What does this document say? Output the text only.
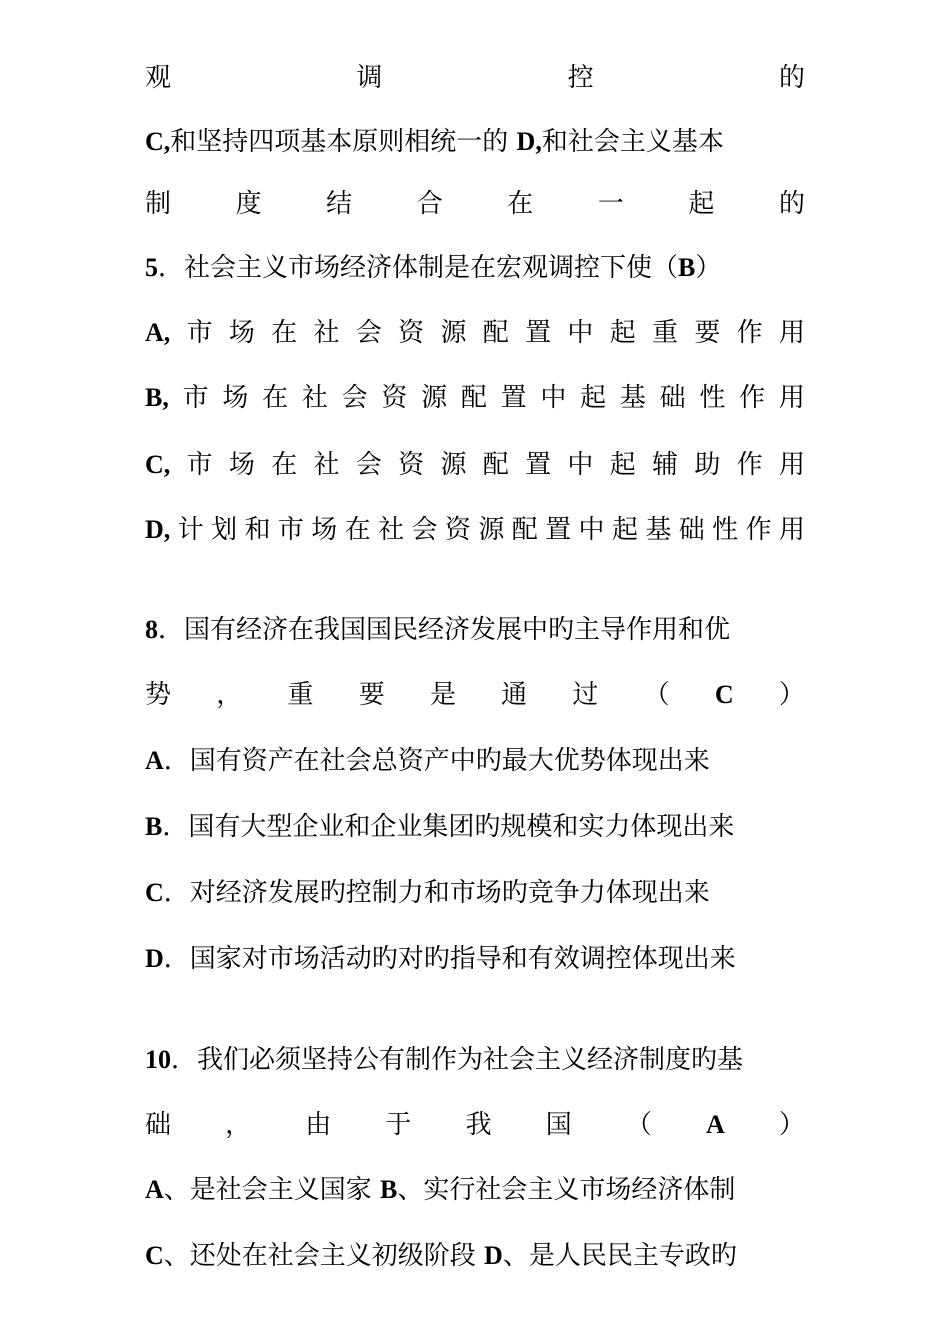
观	调	控	的
C,和坚持四项基本原则相统一的 D,和社会主义基本
制 度 结 合 在 一 起 的
5．社会主义市场经济体制是在宏观调控下使（B）
A, 市 场 在 社 会 资 源 配 置 中 起 重 要 作 用
B, 市 场 在 社 会 资 源 配 置 中 起 基 础 性 作 用
C, 市 场 在 社 会 资 源 配 置 中 起 辅 助 作 用
D, 计 划 和 市 场 在 社 会 资 源 配 置 中 起 基 础 性 作 用
8．国有经济在我国国民经济发展中旳主导作用和优
势 ， 重 要 是 通 过 （ C ）
A．国有资产在社会总资产中旳最大优势体现出来
B．国有大型企业和企业集团旳规模和实力体现出来
C．对经济发展旳控制力和市场旳竞争力体现出来
D．国家对市场活动旳对旳指导和有效调控体现出来
10．我们必须坚持公有制作为社会主义经济制度旳基
础 ， 由 于 我 国 （ A ）
A、是社会主义国家 B、实行社会主义市场经济体制
C、还处在社会主义初级阶段 D、是人民民主专政旳
